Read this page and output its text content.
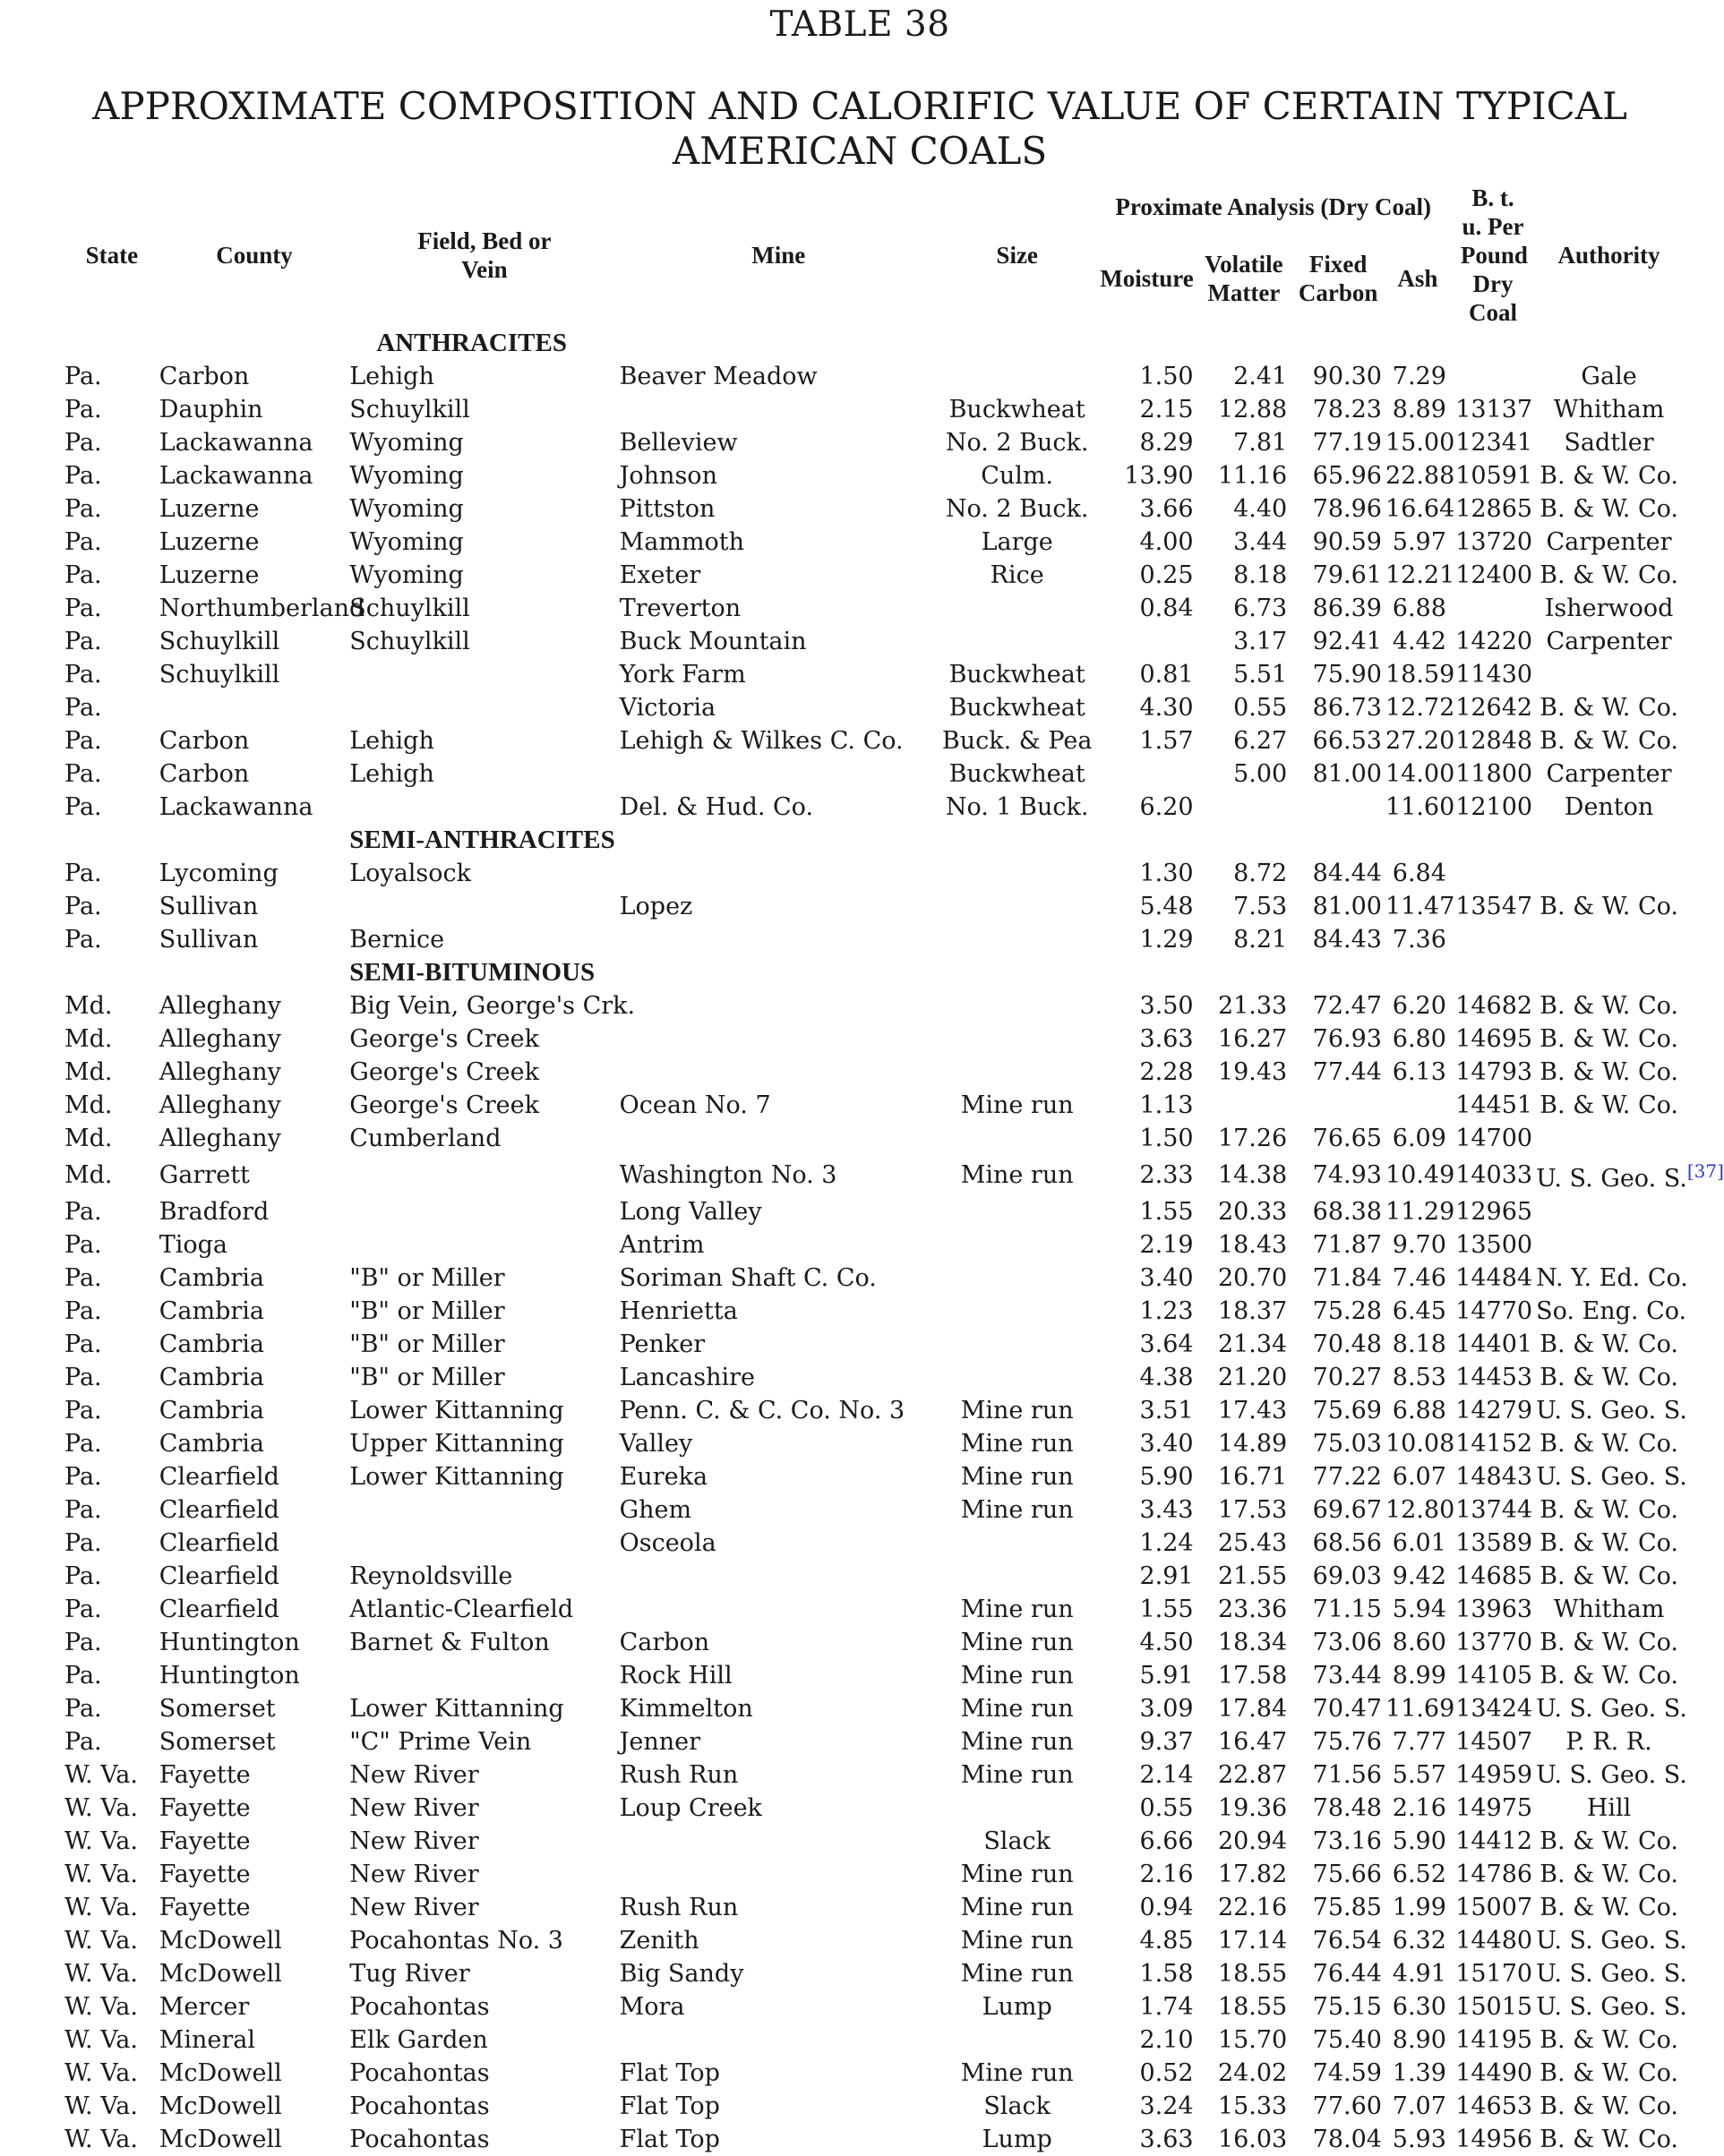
TABLE 38
APPROXIMATE COMPOSITION AND CALORIFIC VALUE OF CERTAIN TYPICAL AMERICAN COALS
State	County	Field, Bed or Vein	Mine	Size	Proximate Analysis (Dry Coal)				B. t. u. Per Pound Dry Coal	Authority
					Moisture	Volatile Matter	Fixed Carbon	Ash		
		ANTHRACITES								
Pa.	Carbon	Lehigh	Beaver Meadow		1.50	2.41	90.30	7.29		Gale
Pa.	Dauphin	Schuylkill		Buckwheat	2.15	12.88	78.23	8.89	13137	Whitham
Pa.	Lackawanna	Wyoming	Belleview	No. 2 Buck.	8.29	7.81	77.19	15.00	12341	Sadtler
Pa.	Lackawanna	Wyoming	Johnson	Culm.	13.90	11.16	65.96	22.88	10591	B. & W. Co.
Pa.	Luzerne	Wyoming	Pittston	No. 2 Buck.	3.66	4.40	78.96	16.64	12865	B. & W. Co.
Pa.	Luzerne	Wyoming	Mammoth	Large	4.00	3.44	90.59	5.97	13720	Carpenter
Pa.	Luzerne	Wyoming	Exeter	Rice	0.25	8.18	79.61	12.21	12400	B. & W. Co.
Pa.	Northumberland	Schuylkill	Treverton		0.84	6.73	86.39	6.88		Isherwood
Pa.	Schuylkill	Schuylkill	Buck Mountain			3.17	92.41	4.42	14220	Carpenter
Pa.	Schuylkill		York Farm	Buckwheat	0.81	5.51	75.90	18.59	11430	
Pa.			Victoria	Buckwheat	4.30	0.55	86.73	12.72	12642	B. & W. Co.
Pa.	Carbon	Lehigh	Lehigh & Wilkes C. Co.	Buck. & Pea	1.57	6.27	66.53	27.20	12848	B. & W. Co.
Pa.	Carbon	Lehigh		Buckwheat		5.00	81.00	14.00	11800	Carpenter
Pa.	Lackawanna		Del. & Hud. Co.	No. 1 Buck.	6.20			11.60	12100	Denton
		SEMI-ANTHRACITES								
Pa.	Lycoming	Loyalsock			1.30	8.72	84.44	6.84		
Pa.	Sullivan		Lopez		5.48	7.53	81.00	11.47	13547	B. & W. Co.
Pa.	Sullivan	Bernice			1.29	8.21	84.43	7.36		
		SEMI-BITUMINOUS								
Md.	Alleghany	Big Vein, George's Crk.			3.50	21.33	72.47	6.20	14682	B. & W. Co.
Md.	Alleghany	George's Creek			3.63	16.27	76.93	6.80	14695	B. & W. Co.
Md.	Alleghany	George's Creek			2.28	19.43	77.44	6.13	14793	B. & W. Co.
Md.	Alleghany	George's Creek	Ocean No. 7	Mine run	1.13				14451	B. & W. Co.
Md.	Alleghany	Cumberland			1.50	17.26	76.65	6.09	14700	
Md.	Garrett		Washington No. 3	Mine run	2.33	14.38	74.93	10.49	14033	U. S. Geo. S.[37]
Pa.	Bradford		Long Valley		1.55	20.33	68.38	11.29	12965	
Pa.	Tioga		Antrim		2.19	18.43	71.87	9.70	13500	
Pa.	Cambria	"B" or Miller	Soriman Shaft C. Co.		3.40	20.70	71.84	7.46	14484	N. Y. Ed. Co.
Pa.	Cambria	"B" or Miller	Henrietta		1.23	18.37	75.28	6.45	14770	So. Eng. Co.
Pa.	Cambria	"B" or Miller	Penker		3.64	21.34	70.48	8.18	14401	B. & W. Co.
Pa.	Cambria	"B" or Miller	Lancashire		4.38	21.20	70.27	8.53	14453	B. & W. Co.
Pa.	Cambria	Lower Kittanning	Penn. C. & C. Co. No. 3	Mine run	3.51	17.43	75.69	6.88	14279	U. S. Geo. S.
Pa.	Cambria	Upper Kittanning	Valley	Mine run	3.40	14.89	75.03	10.08	14152	B. & W. Co.
Pa.	Clearfield	Lower Kittanning	Eureka	Mine run	5.90	16.71	77.22	6.07	14843	U. S. Geo. S.
Pa.	Clearfield		Ghem	Mine run	3.43	17.53	69.67	12.80	13744	B. & W. Co.
Pa.	Clearfield		Osceola		1.24	25.43	68.56	6.01	13589	B. & W. Co.
Pa.	Clearfield	Reynoldsville			2.91	21.55	69.03	9.42	14685	B. & W. Co.
Pa.	Clearfield	Atlantic-Clearfield		Mine run	1.55	23.36	71.15	5.94	13963	Whitham
Pa.	Huntington	Barnet & Fulton	Carbon	Mine run	4.50	18.34	73.06	8.60	13770	B. & W. Co.
Pa.	Huntington		Rock Hill	Mine run	5.91	17.58	73.44	8.99	14105	B. & W. Co.
Pa.	Somerset	Lower Kittanning	Kimmelton	Mine run	3.09	17.84	70.47	11.69	13424	U. S. Geo. S.
Pa.	Somerset	"C" Prime Vein	Jenner	Mine run	9.37	16.47	75.76	7.77	14507	P. R. R.
W. Va.	Fayette	New River	Rush Run	Mine run	2.14	22.87	71.56	5.57	14959	U. S. Geo. S.
W. Va.	Fayette	New River	Loup Creek		0.55	19.36	78.48	2.16	14975	Hill
W. Va.	Fayette	New River		Slack	6.66	20.94	73.16	5.90	14412	B. & W. Co.
W. Va.	Fayette	New River		Mine run	2.16	17.82	75.66	6.52	14786	B. & W. Co.
W. Va.	Fayette	New River	Rush Run	Mine run	0.94	22.16	75.85	1.99	15007	B. & W. Co.
W. Va.	McDowell	Pocahontas No. 3	Zenith	Mine run	4.85	17.14	76.54	6.32	14480	U. S. Geo. S.
W. Va.	McDowell	Tug River	Big Sandy	Mine run	1.58	18.55	76.44	4.91	15170	U. S. Geo. S.
W. Va.	Mercer	Pocahontas	Mora	Lump	1.74	18.55	75.15	6.30	15015	U. S. Geo. S.
W. Va.	Mineral	Elk Garden			2.10	15.70	75.40	8.90	14195	B. & W. Co.
W. Va.	McDowell	Pocahontas	Flat Top	Mine run	0.52	24.02	74.59	1.39	14490	B. & W. Co.
W. Va.	McDowell	Pocahontas	Flat Top	Slack	3.24	15.33	77.60	7.07	14653	B. & W. Co.
W. Va.	McDowell	Pocahontas	Flat Top	Lump	3.63	16.03	78.04	5.93	14956	B. & W. Co.
